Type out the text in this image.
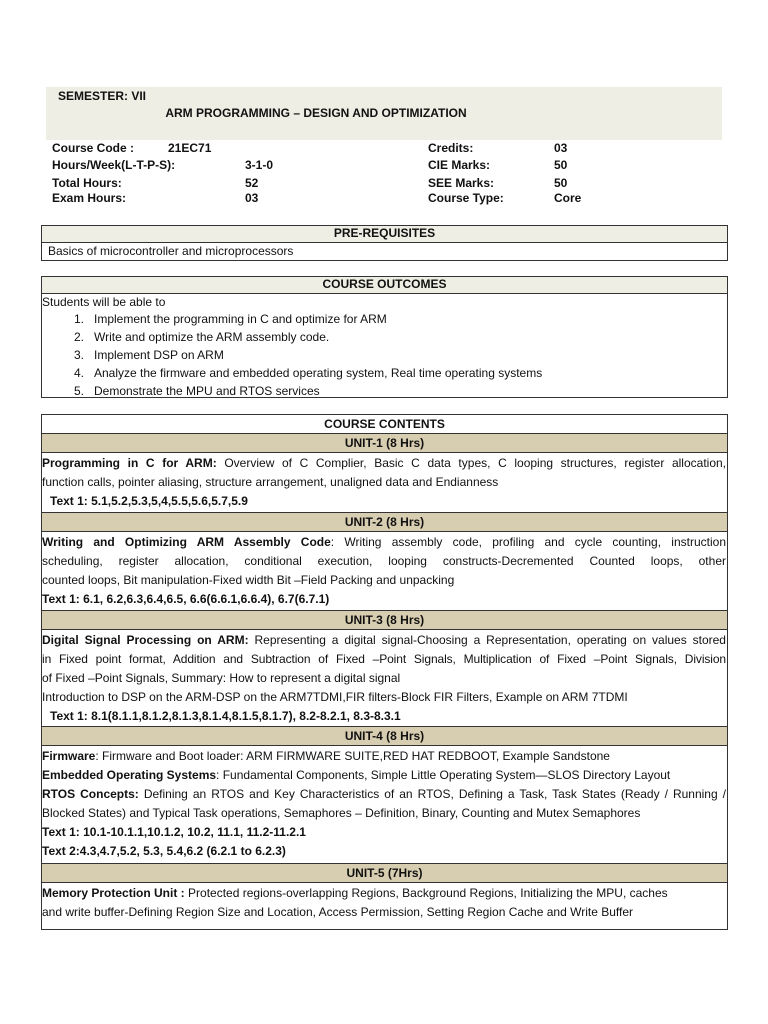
SEMESTER: VII
ARM PROGRAMMING – DESIGN AND OPTIMIZATION
Course Code :	21EC71	Credits:	03
Hours/Week(L-T-P-S):	3-1-0	CIE Marks:	50
Total Hours:	52	SEE Marks:	50
Exam Hours:	03	Course Type:	Core
PRE-REQUISITES
Basics of microcontroller and microprocessors
COURSE OUTCOMES
Students will be able to
1. Implement the programming in C and optimize for ARM
2. Write and optimize the ARM assembly code.
3. Implement DSP on ARM
4. Analyze the firmware and embedded operating system, Real time operating systems
5. Demonstrate the MPU and RTOS services
COURSE CONTENTS
UNIT-1 (8 Hrs)
Programming in C for ARM: Overview of C Complier, Basic C data types, C looping structures, register allocation,
function calls, pointer aliasing, structure arrangement, unaligned data and Endianness
Text 1: 5.1,5.2,5.3,5,4,5.5,5.6,5.7,5.9
UNIT-2 (8 Hrs)
Writing and Optimizing ARM Assembly Code: Writing assembly code, profiling and cycle counting, instruction
scheduling, register allocation, conditional execution, looping constructs-Decremented Counted loops, other
counted loops, Bit manipulation-Fixed width Bit –Field Packing and unpacking
Text 1: 6.1, 6.2,6.3,6.4,6.5, 6.6(6.6.1,6.6.4), 6.7(6.7.1)
UNIT-3 (8 Hrs)
Digital Signal Processing on ARM: Representing a digital signal-Choosing a Representation, operating on values stored
in Fixed point format, Addition and Subtraction of Fixed –Point Signals, Multiplication of Fixed –Point Signals, Division
of Fixed –Point Signals, Summary: How to represent a digital signal
Introduction to DSP on the ARM-DSP on the ARM7TDMI,FIR filters-Block FIR Filters, Example on ARM 7TDMI
Text 1: 8.1(8.1.1,8.1.2,8.1.3,8.1.4,8.1.5,8.1.7), 8.2-8.2.1, 8.3-8.3.1
UNIT-4 (8 Hrs)
Firmware: Firmware and Boot loader: ARM FIRMWARE SUITE,RED HAT REDBOOT, Example Sandstone
Embedded Operating Systems: Fundamental Components, Simple Little Operating System—SLOS Directory Layout
RTOS Concepts: Defining an RTOS and Key Characteristics of an RTOS, Defining a Task, Task States (Ready / Running /
Blocked States) and Typical Task operations, Semaphores – Definition, Binary, Counting and Mutex Semaphores
Text 1: 10.1-10.1.1,10.1.2, 10.2, 11.1, 11.2-11.2.1
Text 2:4.3,4.7,5.2, 5.3, 5.4,6.2 (6.2.1 to 6.2.3)
UNIT-5 (7Hrs)
Memory Protection Unit : Protected regions-overlapping Regions, Background Regions, Initializing the MPU, caches
and write buffer-Defining Region Size and Location, Access Permission, Setting Region Cache and Write Buffer
